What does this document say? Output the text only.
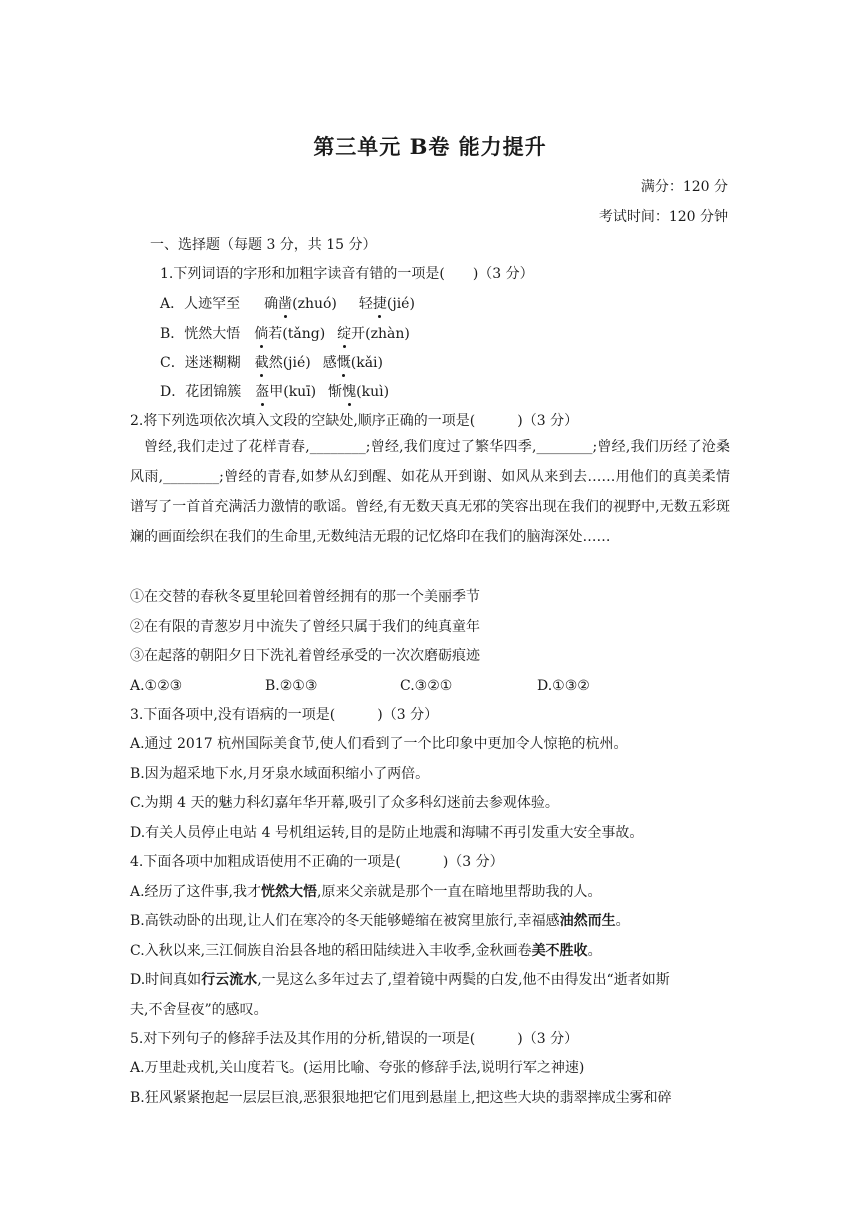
第三单元 B卷 能力提升
满分：120 分
考试时间：120 分钟
一、选择题（每题 3 分，共 15 分）
1.下列词语的字形和加粗字读音有错的一项是(　　)（3 分）
A．人迹罕至 确凿(zhuó) 轻捷(jié)
B．恍然大悟 倘若(tǎng) 绽开(zhàn)
C．迷迷糊糊 截然(jié) 感慨(kǎi)
D．花团锦簇 盔甲(kuī) 惭愧(kuì)
2.将下列选项依次填入文段的空缺处,顺序正确的一项是(　　　)（3 分）
曾经,我们走过了花样青春,________;曾经,我们度过了繁华四季,________;曾经,我们历经了沧桑风雨,________;曾经的青春,如梦从幻到醒、如花从开到谢、如风从来到去……用他们的真美柔情谱写了一首首充满活力激情的歌谣。曾经,有无数天真无邪的笑容出现在我们的视野中,无数五彩斑斓的画面绘织在我们的生命里,无数纯洁无瑕的记忆烙印在我们的脑海深处……
①在交替的春秋冬夏里轮回着曾经拥有的那一个美丽季节
②在有限的青葱岁月中流失了曾经只属于我们的纯真童年
③在起落的朝阳夕日下洗礼着曾经承受的一次次磨砺痕迹
A.①②③	B.②①③	C.③②①	D.①③②
3.下面各项中,没有语病的一项是(　　　)（3 分）
A.通过 2017 杭州国际美食节,使人们看到了一个比印象中更加令人惊艳的杭州。
B.因为超采地下水,月牙泉水域面积缩小了两倍。
C.为期 4 天的魅力科幻嘉年华开幕,吸引了众多科幻迷前去参观体验。
D.有关人员停止电站 4 号机组运转,目的是防止地震和海啸不再引发重大安全事故。
4.下面各项中加粗成语使用不正确的一项是(　　　)（3 分）
A.经历了这件事,我才恍然大悟,原来父亲就是那个一直在暗地里帮助我的人。
B.高铁动卧的出现,让人们在寒冷的冬天能够蜷缩在被窝里旅行,幸福感油然而生。
C.入秋以来,三江侗族自治县各地的稻田陆续进入丰收季,金秋画卷美不胜收。
D.时间真如行云流水,一晃这么多年过去了,望着镜中两鬓的白发,他不由得发出“逝者如斯
夫,不舍昼夜”的感叹。
5.对下列句子的修辞手法及其作用的分析,错误的一项是(　　　)（3 分）
A.万里赴戎机,关山度若飞。(运用比喻、夸张的修辞手法,说明行军之神速)
B.狂风紧紧抱起一层层巨浪,恶狠狠地把它们甩到悬崖上,把这些大块的翡翠摔成尘雾和碎
